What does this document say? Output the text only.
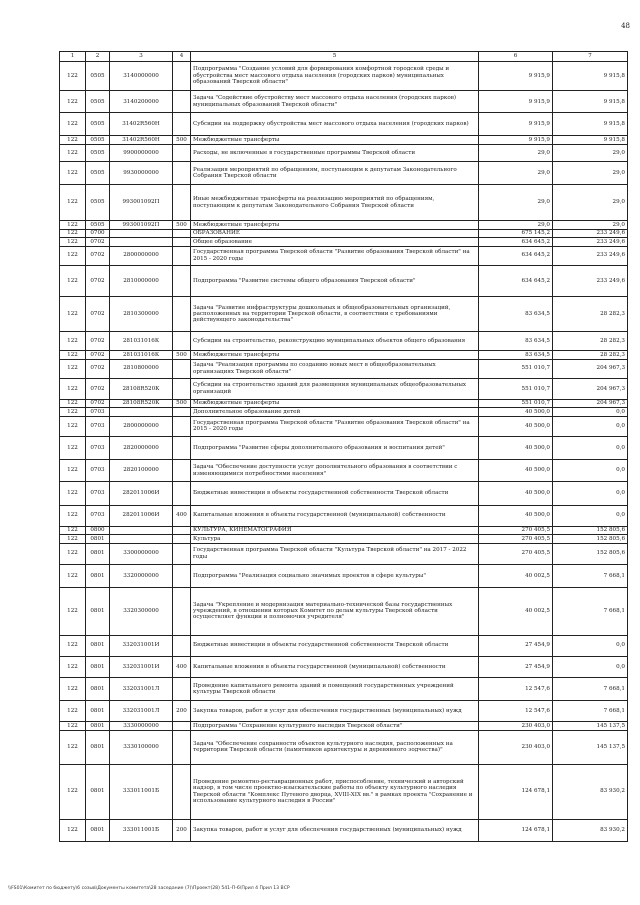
48
1	2	3	4	5	6	7
122	0505	3140000000		Подпрограмма "Создание условий для формирования комфортной городской среды и обустройства мест массового отдыха населения (городских парков) муниципальных образований Тверской области"	9 915,9	9 915,8
122	0505	3140200000		Задача "Содействие обустройству мест массового отдыха населения (городских парков) муниципальных образований Тверской области"	9 915,9	9 915,8
122	0505	31402R560Н		Субсидии на поддержку обустройства мест массового отдыха населения (городских парков)	9 915,9	9 915,8
122	0505	31402R560Н	500	Межбюджетные трансферты	9 915,9	9 915,8
122	0505	9900000000		Расходы, не включенные в государственные программы Тверской области	29,0	29,0
122	0505	9930000000		Реализация мероприятий по обращениям, поступающим к депутатам Законодательного Собрания Тверской области	29,0	29,0
122	0505	993001092П		Иные межбюджетные трансферты на реализацию мероприятий по обращениям, поступающим к депутатам Законодательного Собрания Тверской области	29,0	29,0
122	0505	993001092П	500	Межбюджетные трансферты	29,0	29,0
122	0700			ОБРАЗОВАНИЕ	675 145,2	233 249,6
122	0702			Общее образование	634 645,2	233 249,6
122	0702	2800000000		Государственная программа Тверской области "Развитие образования Тверской области" на 2015 - 2020 годы	634 645,2	233 249,6
122	0702	2810000000		Подпрограмма "Развитие системы общего образования Тверской области"	634 645,2	233 249,6
122	0702	2810300000		Задача "Развитие инфраструктуры дошкольных и общеобразовательных организаций, расположенных на территории Тверской области, в соответствии с требованиями действующего законодательства"	83 634,5	28 282,3
122	0702	281031016К		Субсидии на строительство, реконструкцию муниципальных объектов общего образования	83 634,5	28 282,3
122	0702	281031016К	500	Межбюджетные трансферты	83 634,5	28 282,3
122	0702	2810800000		Задача "Реализация программы по созданию новых мест в общеобразовательных организациях Тверской области"	551 010,7	204 967,3
122	0702	28108R520К		Субсидии на строительство зданий для размещения муниципальных общеобразовательных организаций	551 010,7	204 967,3
122	0702	28108R520К	500	Межбюджетные трансферты	551 010,7	204 967,3
122	0703			Дополнительное образование детей	40 500,0	0,0
122	0703	2800000000		Государственная программа Тверской области "Развитие образования Тверской области" на 2015 - 2020 годы	40 500,0	0,0
122	0703	2820000000		Подпрограмма "Развитие сферы дополнительного образования и воспитания детей"	40 500,0	0,0
122	0703	2820100000		Задача "Обеспечение доступности услуг дополнительного образования в соответствии с изменяющимися потребностями населения"	40 500,0	0,0
122	0703	282011006И		Бюджетные инвестиции в объекты государственной собственности Тверской области	40 500,0	0,0
122	0703	282011006И	400	Капитальные вложения в объекты государственной (муниципальной) собственности	40 500,0	0,0
122	0800			КУЛЬТУРА, КИНЕМАТОГРАФИЯ	270 405,5	152 805,6
122	0801			Культура	270 405,5	152 805,6
122	0801	3300000000		Государственная программа Тверской области "Культура Тверской области" на 2017 - 2022 годы	270 405,5	152 805,6
122	0801	3320000000		Подпрограмма "Реализация социально значимых проектов в сфере культуры"	40 002,5	7 668,1
122	0801	3320300000		Задача "Укрепление и модернизация материально-технической базы государственных учреждений, в отношении которых Комитет по делам культуры Тверской области осуществляет функции и полномочия учредителя"	40 002,5	7 668,1
122	0801	332031001И		Бюджетные инвестиции в объекты государственной собственности Тверской области	27 454,9	0,0
122	0801	332031001И	400	Капитальные вложения в объекты государственной (муниципальной) собственности	27 454,9	0,0
122	0801	332031001Л		Проведение капитального ремонта зданий и помещений государственных учреждений культуры Тверской области	12 547,6	7 668,1
122	0801	332031001Л	200	Закупка товаров, работ и услуг для обеспечения государственных (муниципальных) нужд	12 547,6	7 668,1
122	0801	3330000000		Подпрограмма "Сохранение культурного наследия Тверской области"	230 403,0	145 137,5
122	0801	3330100000		Задача "Обеспечение сохранности объектов культурного наследия, расположенных на территории Тверской области (памятников архитектуры и деревянного зодчества)"	230 403,0	145 137,5
122	0801	333011001Б		Проведение ремонтно-реставрационных работ, приспособление, технический и авторский надзор, в том числе проектно-изыскательские работы по объекту культурного наследия Тверской области "Комплекс Путевого дворца, XVIII-XIX вв." в рамках проекта "Сохранение и использование культурного наследия в России"	124 678,1	83 930,2
122	0801	333011001Б	200	Закупка товаров, работ и услуг для обеспечения государственных (муниципальных) нужд	124 678,1	83 930,2
\\FS01\Комитет по бюджету\6 созыв\Документы комитета\28 заседание (7)\Проект(28) 541-П-6\Прил 4 Прил 13 ВСР
